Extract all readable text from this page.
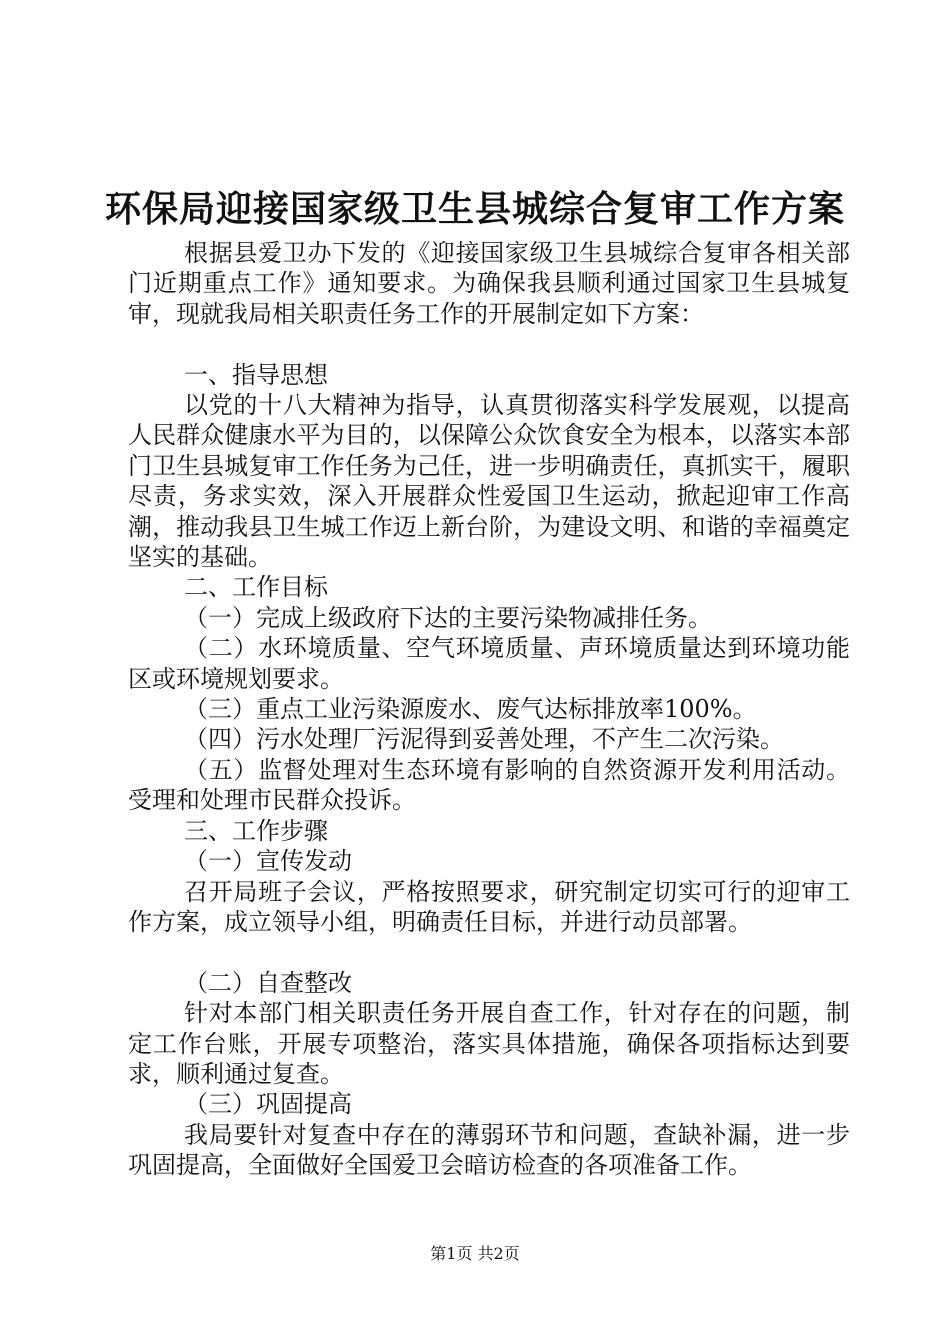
环保局迎接国家级卫生县城综合复审工作方案

根据县爱卫办下发的《迎接国家级卫生县城综合复审各相关部门近期重点工作》通知要求。为确保我县顺利通过国家卫生县城复审，现就我局相关职责任务工作的开展制定如下方案：

一、指导思想

以党的十八大精神为指导，认真贯彻落实科学发展观，以提高人民群众健康水平为目的，以保障公众饮食安全为根本，以落实本部门卫生县城复审工作任务为己任，进一步明确责任，真抓实干，履职尽责，务求实效，深入开展群众性爱国卫生运动，掀起迎审工作高潮，推动我县卫生城工作迈上新台阶，为建设文明、和谐的幸福奠定坚实的基础。

二、工作目标

（一）完成上级政府下达的主要污染物减排任务。

（二）水环境质量、空气环境质量、声环境质量达到环境功能区或环境规划要求。

（三）重点工业污染源废水、废气达标排放率100%。

（四）污水处理厂污泥得到妥善处理，不产生二次污染。

（五）监督处理对生态环境有影响的自然资源开发利用活动。受理和处理市民群众投诉。

三、工作步骤

（一）宣传发动

召开局班子会议，严格按照要求，研究制定切实可行的迎审工作方案，成立领导小组，明确责任目标，并进行动员部署。

（二）自查整改

针对本部门相关职责任务开展自查工作，针对存在的问题，制定工作台账，开展专项整治，落实具体措施，确保各项指标达到要求，顺利通过复查。

（三）巩固提高

我局要针对复查中存在的薄弱环节和问题，查缺补漏，进一步巩固提高，全面做好全国爱卫会暗访检查的各项准备工作。

第1页 共2页
